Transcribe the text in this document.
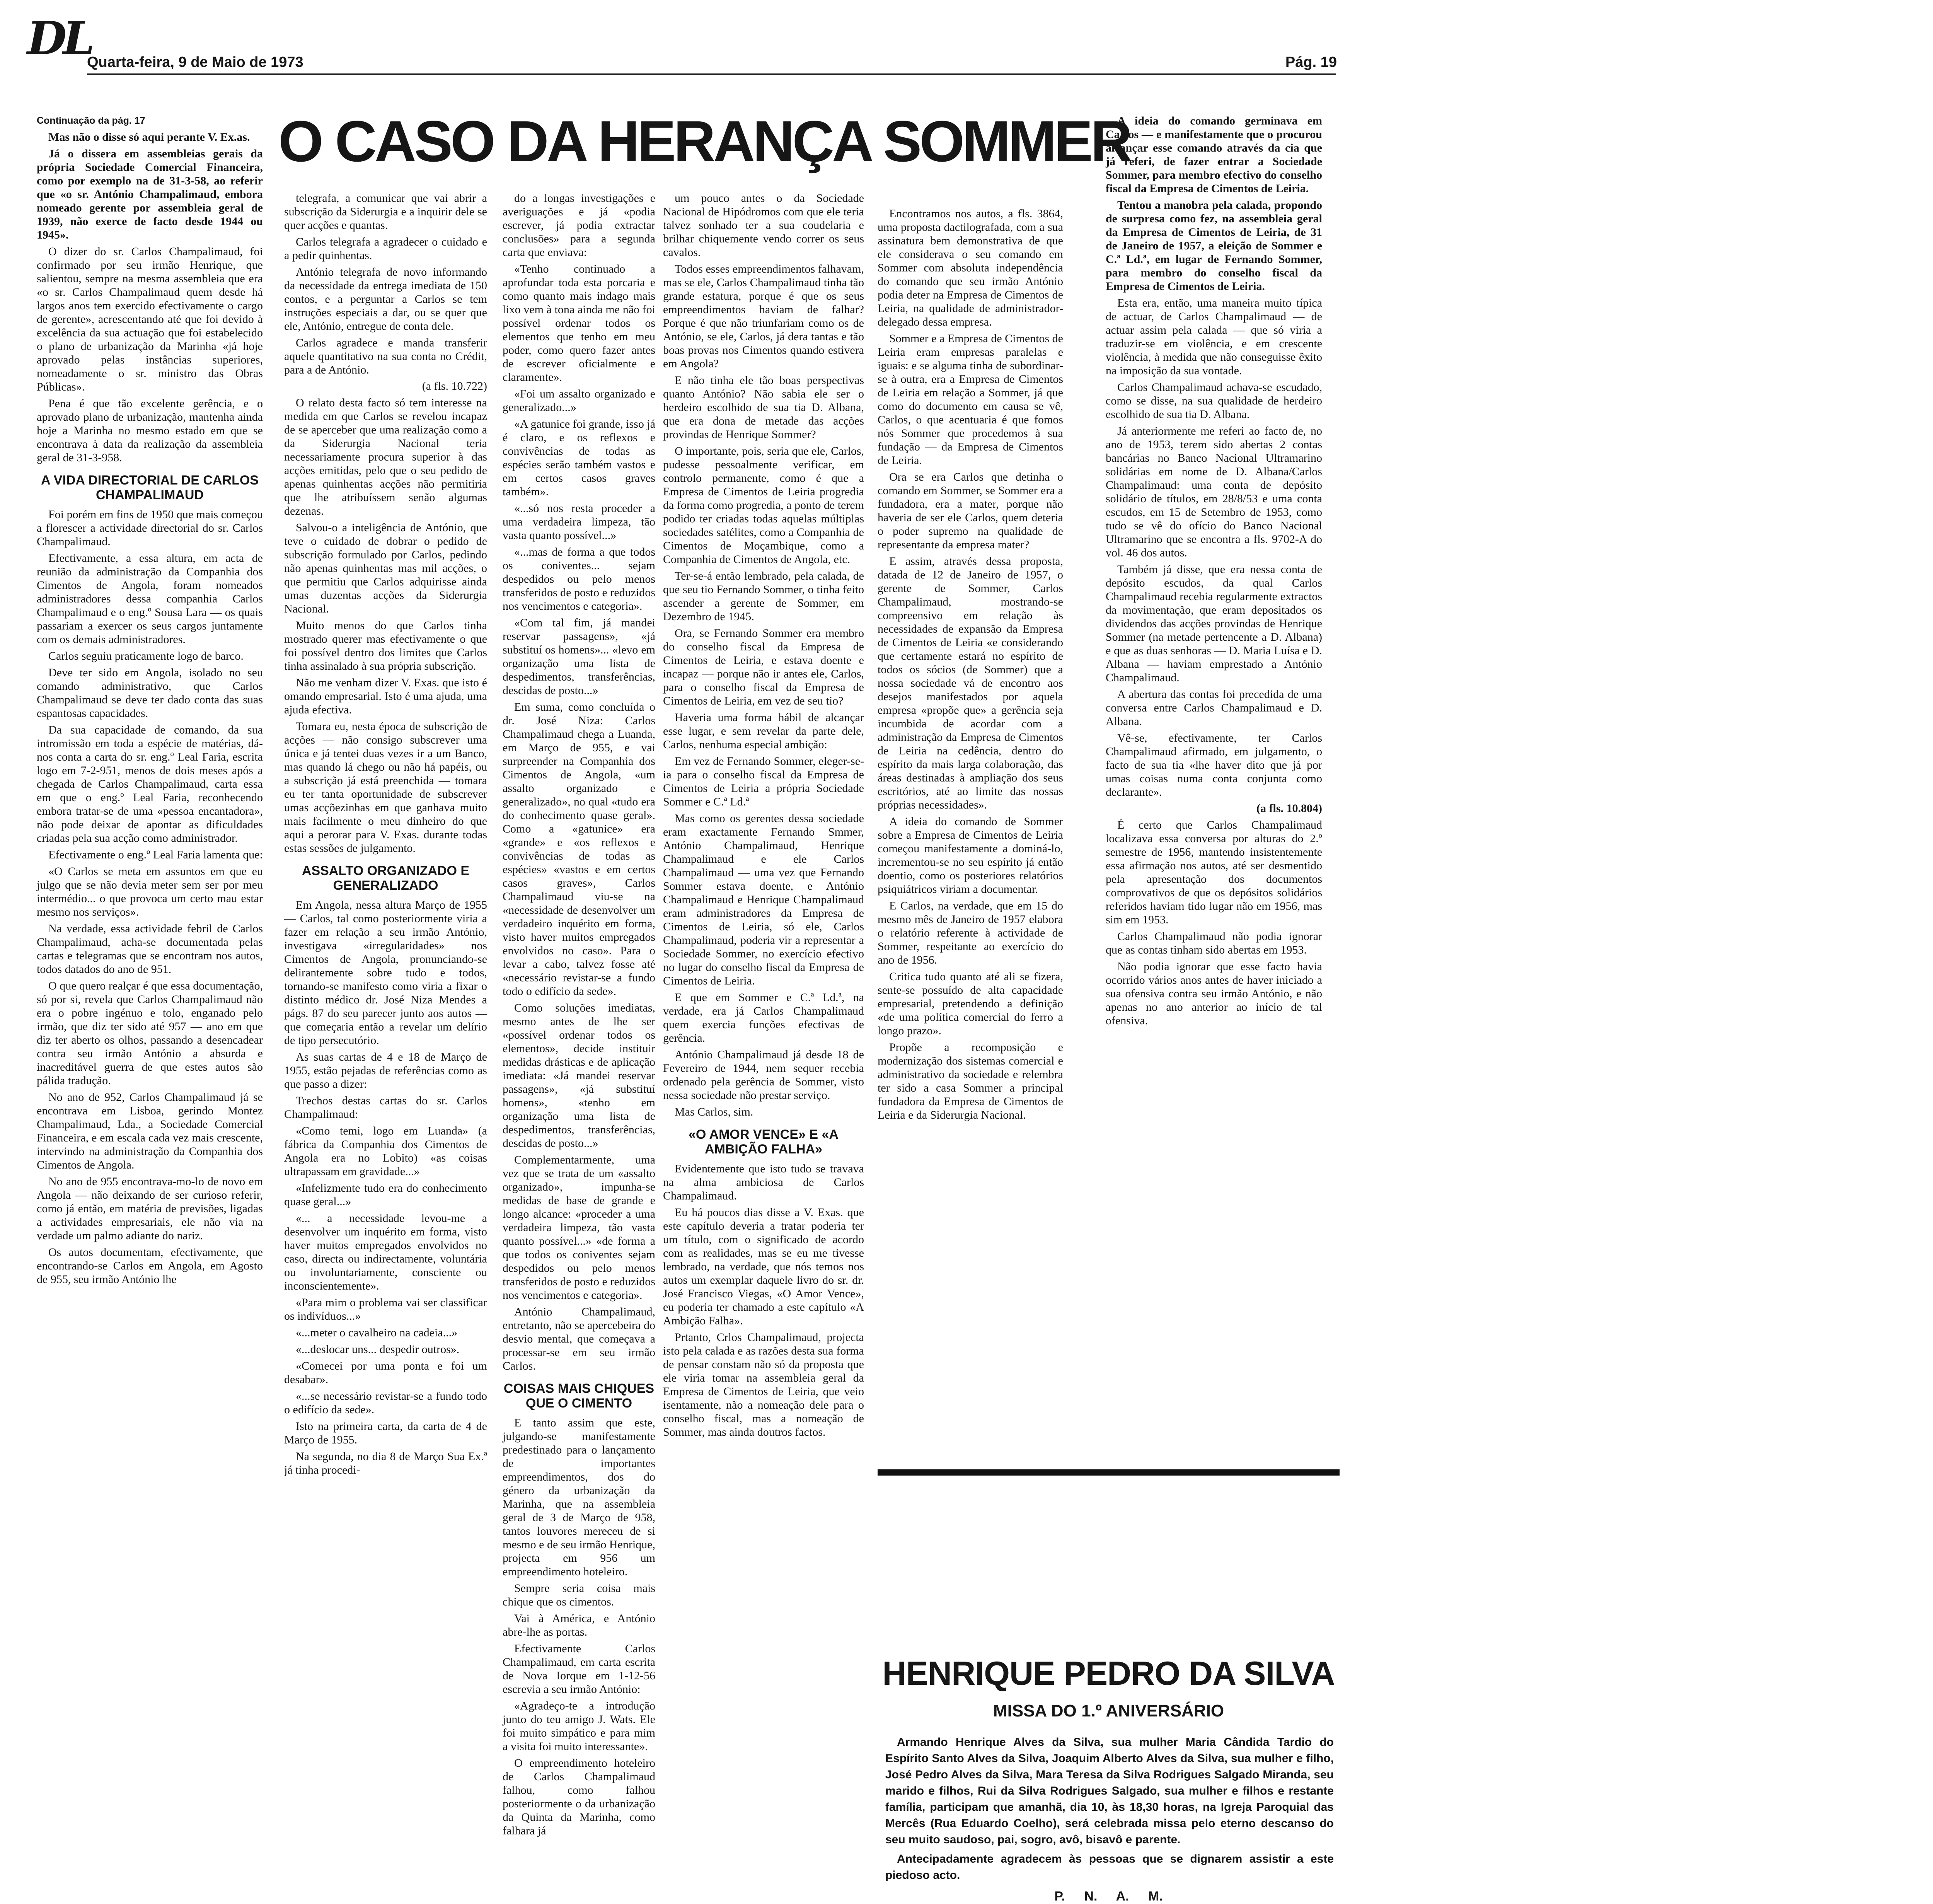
DL
Quarta-feira, 9 de Maio de 1973	Pág. 19
O CASO DA HERANÇA SOMMER
Continuação da pág. 17

Mas não o disse só aqui perante V. Ex.as.

Já o dissera em assembleias gerais da própria Sociedade Comercial Financeira, como por exemplo na de 31-3-58, ao referir que «o sr. António Champalimaud, embora nomeado gerente por assembleia geral de 1939, não exerce de facto desde 1944 ou 1945».

O dizer do sr. Carlos Champalimaud, foi confirmado por seu irmão Henrique, que salientou, sempre na mesma assembleia que era «o sr. Carlos Champalimaud quem desde há largos anos tem exercido efectivamente o cargo de gerente», acrescentando até que foi devido à excelência da sua actuação que foi estabelecido o plano de urbanização da Marinha «já hoje aprovado pelas instâncias superiores, nomeadamente o sr. ministro das Obras Públicas».

Pena é que tão excelente gerência, e o aprovado plano de urbanização, mantenha ainda hoje a Marinha no mesmo estado em que se encontrava à data da realização da assembleia geral de 31-3-958.

A VIDA DIRECTORIAL DE CARLOS CHAMPALIMAUD

Foi porém em fins de 1950 que mais começou a florescer a actividade directorial do sr. Carlos Champalimaud.

Efectivamente, a essa altura, em acta de reunião da administração da Companhia dos Cimentos de Angola, foram nomeados administradores dessa companhia Carlos Champalimaud e o eng.º Sousa Lara — os quais passariam a exercer os seus cargos juntamente com os demais administradores.

Carlos seguiu praticamente logo de barco.

Deve ter sido em Angola, isolado no seu comando administrativo, que Carlos Champalimaud se deve ter dado conta das suas espantosas capacidades.

Da sua capacidade de comando, da sua intromissão em toda a espécie de matérias, dá-nos conta a carta do sr. eng.º Leal Faria, escrita logo em 7-2-951, menos de dois meses após a chegada de Carlos Champalimaud, carta essa em que o eng.º Leal Faria, reconhecendo embora tratar-se de uma «pessoa encantadora», não pode deixar de apontar as dificuldades criadas pela sua acção como administrador.

Efectivamente o eng.º Leal Faria lamenta que:

«O Carlos se meta em assuntos em que eu julgo que se não devia meter sem ser por meu intermédio... o que provoca um certo mau estar mesmo nos serviços».

Na verdade, essa actividade febril de Carlos Champalimaud, acha-se documentada pelas cartas e telegramas que se encontram nos autos, todos datados do ano de 951.

O que quero realçar é que essa documentação, só por si, revela que Carlos Champalimaud não era o pobre ingénuo e tolo, enganado pelo irmão, que diz ter sido até 957 — ano em que diz ter aberto os olhos, passando a desencadear contra seu irmão António a absurda e inacreditável guerra de que estes autos são pálida tradução.

No ano de 952, Carlos Champalimaud já se encontrava em Lisboa, gerindo Montez Champalimaud, Lda., a Sociedade Comercial Financeira, e em escala cada vez mais crescente, intervindo na administração da Companhia dos Cimentos de Angola.

No ano de 955 encontrava-mo-lo de novo em Angola — não deixando de ser curioso referir, como já então, em matéria de previsões, ligadas a actividades empresariais, ele não via na verdade um palmo adiante do nariz.

Os autos documentam, efectivamente, que encontrando-se Carlos em Angola, em Agosto de 955, seu irmão António lhe

telegrafa, a comunicar que vai abrir a subscrição da Siderurgia e a inquirir dele se quer acções e quantas.

Carlos telegrafa a agradecer o cuidado e a pedir quinhentas.

António telegrafa de novo informando da necessidade da entrega imediata de 150 contos, e a perguntar a Carlos se tem instruções especiais a dar, ou se quer que ele, António, entregue de conta dele.

Carlos agradece e manda transferir aquele quantitativo na sua conta no Crédit, para a de António.

(a fls. 10.722)

O relato desta facto só tem interesse na medida em que Carlos se revelou incapaz de se aperceber que uma realização como a da Siderurgia Nacional teria necessariamente procura superior à das acções emitidas, pelo que o seu pedido de apenas quinhentas acções não permitiria que lhe atribuíssem senão algumas dezenas.

Salvou-o a inteligência de António, que teve o cuidado de dobrar o pedido de subscrição formulado por Carlos, pedindo não apenas quinhentas mas mil acções, o que permitiu que Carlos adquirisse ainda umas duzentas acções da Siderurgia Nacional.

Muito menos do que Carlos tinha mostrado querer mas efectivamente o que foi possível dentro dos limites que Carlos tinha assinalado à sua própria subscrição.

Não me venham dizer V. Exas. que isto é omando empresarial. Isto é uma ajuda, uma ajuda efectiva.

Tomara eu, nesta época de subscrição de acções — não consigo subscrever uma única e já tentei duas vezes ir a um Banco, mas quando lá chego ou não há papéis, ou a subscrição já está preenchida — tomara eu ter tanta oportunidade de subscrever umas acçõezinhas em que ganhava muito mais facilmente o meu dinheiro do que aqui a perorar para V. Exas. durante todas estas sessões de julgamento.

ASSALTO ORGANIZADO E GENERALIZADO

Em Angola, nessa altura Março de 1955 — Carlos, tal como posteriormente viria a fazer em relação a seu irmão António, investigava «irregularidades» nos Cimentos de Angola, pronunciando-se delirantemente sobre tudo e todos, tornando-se manifesto como viria a fixar o distinto médico dr. José Niza Mendes a págs. 87 do seu parecer junto aos autos — que começaria então a revelar um delírio de tipo persecutório.

As suas cartas de 4 e 18 de Março de 1955, estão pejadas de referências como as que passo a dizer:

Trechos destas cartas do sr. Carlos Champalimaud:

«Como temi, logo em Luanda» (a fábrica da Companhia dos Cimentos de Angola era no Lobito) «as coisas ultrapassam em gravidade...»

«Infelizmente tudo era do conhecimento quase geral...»

«... a necessidade levou-me a desenvolver um inquérito em forma, visto haver muitos empregados envolvidos no caso, directa ou indirectamente, voluntária ou involuntariamente, consciente ou inconscientemente».

«Para mim o problema vai ser classificar os indivíduos...»

«...meter o cavalheiro na cadeia...»

«...deslocar uns... despedir outros».

«Comecei por uma ponta e foi um desabar».

«...se necessário revistar-se a fundo todo o edifício da sede».

Isto na primeira carta, da carta de 4 de Março de 1955.

Na segunda, no dia 8 de Março Sua Ex.ª já tinha procedi-

do a longas investigações e averiguações e já «podia escrever, já podia extractar conclusões» para a segunda carta que enviava:

«Tenho continuado a aprofundar toda esta porcaria e como quanto mais indago mais lixo vem à tona ainda me não foi possível ordenar todos os elementos que tenho em meu poder, como quero fazer antes de escrever oficialmente e claramente».

«Foi um assalto organizado e generalizado...»

«A gatunice foi grande, isso já é claro, e os reflexos e convivências de todas as espécies serão também vastos e em certos casos graves também».

«...só nos resta proceder a uma verdadeira limpeza, tão vasta quanto possível...»

«...mas de forma a que todos os coniventes... sejam despedidos ou pelo menos transferidos de posto e reduzidos nos vencimentos e categoria».

«Com tal fim, já mandei reservar passagens», «já substituí os homens»... «levo em organização uma lista de despedimentos, transferências, descidas de posto...»

Em suma, como concluída o dr. José Niza: Carlos Champalimaud chega a Luanda, em Março de 955, e vai surpreender na Companhia dos Cimentos de Angola, «um assalto organizado e generalizado», no qual «tudo era do conhecimento quase geral». Como a «gatunice» era «grande» e «os reflexos e convivências de todas as espécies» «vastos e em certos casos graves», Carlos Champalimaud viu-se na «necessidade de desenvolver um verdadeiro inquérito em forma, visto haver muitos empregados envolvidos no caso». Para o levar a cabo, talvez fosse até «necessário revistar-se a fundo todo o edifício da sede».

Como soluções imediatas, mesmo antes de lhe ser «possível ordenar todos os elementos», decide instituir medidas drásticas e de aplicação imediata: «Já mandei reservar passagens», «já substituí homens», «tenho em organização uma lista de despedimentos, transferências, descidas de posto...»

Complementarmente, uma vez que se trata de um «assalto organizado», impunha-se medidas de base de grande e longo alcance: «proceder a uma verdadeira limpeza, tão vasta quanto possível...» «de forma a que todos os coniventes sejam despedidos ou pelo menos transferidos de posto e reduzidos nos vencimentos e categoria».

António Champalimaud, entretanto, não se apercebeira do desvio mental, que começava a processar-se em seu irmão Carlos.

COISAS MAIS CHIQUES QUE O CIMENTO

E tanto assim que este, julgando-se manifestamente predestinado para o lançamento de importantes empreendimentos, dos do género da urbanização da Marinha, que na assembleia geral de 3 de Março de 958, tantos louvores mereceu de si mesmo e de seu irmão Henrique, projecta em 956 um empreendimento hoteleiro.

Sempre seria coisa mais chique que os cimentos.

Vai à América, e António abre-lhe as portas.

Efectivamente Carlos Champalimaud, em carta escrita de Nova Iorque em 1-12-56 escrevia a seu irmão António:

«Agradeço-te a introdução junto do teu amigo J. Wats. Ele foi muito simpático e para mim a visita foi muito interessante».

O empreendimento hoteleiro de Carlos Champalimaud falhou, como falhou posteriormente o da urbanização da Quinta da Marinha, como falhara já

um pouco antes o da Sociedade Nacional de Hipódromos com que ele teria talvez sonhado ter a sua coudelaria e brilhar chiquemente vendo correr os seus cavalos.

Todos esses empreendimentos falhavam, mas se ele, Carlos Champalimaud tinha tão grande estatura, porque é que os seus empreendimentos haviam de falhar? Porque é que não triunfariam como os de António, se ele, Carlos, já dera tantas e tão boas provas nos Cimentos quando estivera em Angola?

E não tinha ele tão boas perspectivas quanto António? Não sabia ele ser o herdeiro escolhido de sua tia D. Albana, que era dona de metade das acções provindas de Henrique Sommer?

O importante, pois, seria que ele, Carlos, pudesse pessoalmente verificar, em controlo permanente, como é que a Empresa de Cimentos de Leiria progredia da forma como progredia, a ponto de terem podido ter criadas todas aquelas múltiplas sociedades satélites, como a Companhia de Cimentos de Moçambique, como a Companhia de Cimentos de Angola, etc.

Ter-se-á então lembrado, pela calada, de que seu tio Fernando Sommer, o tinha feito ascender a gerente de Sommer, em Dezembro de 1945.

Ora, se Fernando Sommer era membro do conselho fiscal da Empresa de Cimentos de Leiria, e estava doente e incapaz — porque não ir antes ele, Carlos, para o conselho fiscal da Empresa de Cimentos de Leiria, em vez de seu tio?

Haveria uma forma hábil de alcançar esse lugar, e sem revelar da parte dele, Carlos, nenhuma especial ambição:

Em vez de Fernando Sommer, eleger-se-ia para o conselho fiscal da Empresa de Cimentos de Leiria a própria Sociedade Sommer e C.ª Ld.ª

Mas como os gerentes dessa sociedade eram exactamente Fernando Smmer, António Champalimaud, Henrique Champalimaud e ele Carlos Champalimaud — uma vez que Fernando Sommer estava doente, e António Champalimaud e Henrique Champalimaud eram administradores da Empresa de Cimentos de Leiria, só ele, Carlos Champalimaud, poderia vir a representar a Sociedade Sommer, no exercício efectivo no lugar do conselho fiscal da Empresa de Cimentos de Leiria.

E que em Sommer e C.ª Ld.ª, na verdade, era já Carlos Champalimaud quem exercia funções efectivas de gerência.

António Champalimaud já desde 18 de Fevereiro de 1944, nem sequer recebia ordenado pela gerência de Sommer, visto nessa sociedade não prestar serviço.

Mas Carlos, sim.

«O AMOR VENCE» E «A AMBIÇÃO FALHA»

Evidentemente que isto tudo se travava na alma ambiciosa de Carlos Champalimaud.

Eu há poucos dias disse a V. Exas. que este capítulo deveria a tratar poderia ter um título, com o significado de acordo com as realidades, mas se eu me tivesse lembrado, na verdade, que nós temos nos autos um exemplar daquele livro do sr. dr. José Francisco Viegas, «O Amor Vence», eu poderia ter chamado a este capítulo «A Ambição Falha».

Prtanto, Crlos Champalimaud, projecta isto pela calada e as razões desta sua forma de pensar constam não só da proposta que ele viria tomar na assembleia geral da Empresa de Cimentos de Leiria, que veio isentamente, não a nomeação dele para o conselho fiscal, mas a nomeação de Sommer, mas ainda doutros factos.

Encontramos nos autos, a fls. 3864, uma proposta dactilografada, com a sua assinatura bem demonstrativa de que ele considerava o seu comando em Sommer com absoluta independência do comando que seu irmão António podia deter na Empresa de Cimentos de Leiria, na qualidade de administrador-delegado dessa empresa.

Sommer e a Empresa de Cimentos de Leiria eram empresas paralelas e iguais: e se alguma tinha de subordinar-se à outra, era a Empresa de Cimentos de Leiria em relação a Sommer, já que como do documento em causa se vê, Carlos, o que acentuaria é que fomos nós Sommer que procedemos à sua fundação — da Empresa de Cimentos de Leiria.

Ora se era Carlos que detinha o comando em Sommer, se Sommer era a fundadora, era a mater, porque não haveria de ser ele Carlos, quem deteria o poder supremo na qualidade de representante da empresa mater?

E assim, através dessa proposta, datada de 12 de Janeiro de 1957, o gerente de Sommer, Carlos Champalimaud, mostrando-se compreensivo em relação às necessidades de expansão da Empresa de Cimentos de Leiria «e considerando que certamente estará no espírito de todos os sócios (de Sommer) que a nossa sociedade vá de encontro aos desejos manifestados por aquela empresa «propõe que» a gerência seja incumbida de acordar com a administração da Empresa de Cimentos de Leiria na cedência, dentro do espírito da mais larga colaboração, das áreas destinadas à ampliação dos seus escritórios, até ao limite das nossas próprias necessidades».

A ideia do comando de Sommer sobre a Empresa de Cimentos de Leiria começou manifestamente a dominá-lo, incrementou-se no seu espírito já então doentio, como os posteriores relatórios psiquiátricos viriam a documentar.

E Carlos, na verdade, que em 15 do mesmo mês de Janeiro de 1957 elabora o relatório referente à actividade de Sommer, respeitante ao exercício do ano de 1956.

Critica tudo quanto até ali se fizera, sente-se possuído de alta capacidade empresarial, pretendendo a definição «de uma política comercial do ferro a longo prazo».

Propõe a recomposição e modernização dos sistemas comercial e administrativo da sociedade e relembra ter sido a casa Sommer a principal fundadora da Empresa de Cimentos de Leiria e da Siderurgia Nacional.

A ideia do comando germinava em Carlos — e manifestamente que o procurou alcançar esse comando através da cia que já referi, de fazer entrar a Sociedade Sommer, para membro efectivo do conselho fiscal da Empresa de Cimentos de Leiria.

Tentou a manobra pela calada, propondo de surpresa como fez, na assembleia geral da Empresa de Cimentos de Leiria, de 31 de Janeiro de 1957, a eleição de Sommer e C.ª Ld.ª, em lugar de Fernando Sommer, para membro do conselho fiscal da Empresa de Cimentos de Leiria.

Esta era, então, uma maneira muito típica de actuar, de Carlos Champalimaud — de actuar assim pela calada — que só viria a traduzir-se em violência, e em crescente violência, à medida que não conseguisse êxito na imposição da sua vontade.

Carlos Champalimaud achava-se escudado, como se disse, na sua qualidade de herdeiro escolhido de sua tia D. Albana.

Já anteriormente me referi ao facto de, no ano de 1953, terem sido abertas 2 contas bancárias no Banco Nacional Ultramarino solidárias em nome de D. Albana/Carlos Champalimaud: uma conta de depósito solidário de títulos, em 28/8/53 e uma conta escudos, em 15 de Setembro de 1953, como tudo se vê do ofício do Banco Nacional Ultramarino que se encontra a fls. 9702-A do vol. 46 dos autos.

Também já disse, que era nessa conta de depósito escudos, da qual Carlos Champalimaud recebia regularmente extractos da movimentação, que eram depositados os dividendos das acções provindas de Henrique Sommer (na metade pertencente a D. Albana) e que as duas senhoras — D. Maria Luísa e D. Albana — haviam emprestado a António Champalimaud.

A abertura das contas foi precedida de uma conversa entre Carlos Champalimaud e D. Albana.

Vê-se, efectivamente, ter Carlos Champalimaud afirmado, em julgamento, o facto de sua tia «lhe haver dito que já por umas coisas numa conta conjunta como declarante».

(a fls. 10.804)

É certo que Carlos Champalimaud localizava essa conversa por alturas do 2.º semestre de 1956, mantendo insistentemente essa afirmação nos autos, até ser desmentido pela apresentação dos documentos comprovativos de que os depósitos solidários referidos haviam tido lugar não em 1956, mas sim em 1953.

Carlos Champalimaud não podia ignorar que as contas tinham sido abertas em 1953.

Não podia ignorar que esse facto havia ocorrido vários anos antes de haver iniciado a sua ofensiva contra seu irmão António, e não apenas no ano anterior ao início de tal ofensiva.

HENRIQUE PEDRO DA SILVA
MISSA DO 1.º ANIVERSÁRIO

Armando Henrique Alves da Silva, sua mulher Maria Cândida Tardio do Espírito Santo Alves da Silva, Joaquim Alberto Alves da Silva, sua mulher e filho, José Pedro Alves da Silva, Mara Teresa da Silva Rodrigues Salgado Miranda, seu marido e filhos, Rui da Silva Rodrigues Salgado, sua mulher e filhos e restante família, participam que amanhã, dia 10, às 18,30 horas, na Igreja Paroquial das Mercês (Rua Eduardo Coelho), será celebrada missa pelo eterno descanso do seu muito saudoso, pai, sogro, avô, bisavô e parente.

Antecipadamente agradecem às pessoas que se dignarem assistir a este piedoso acto.

P. N. A. M.
